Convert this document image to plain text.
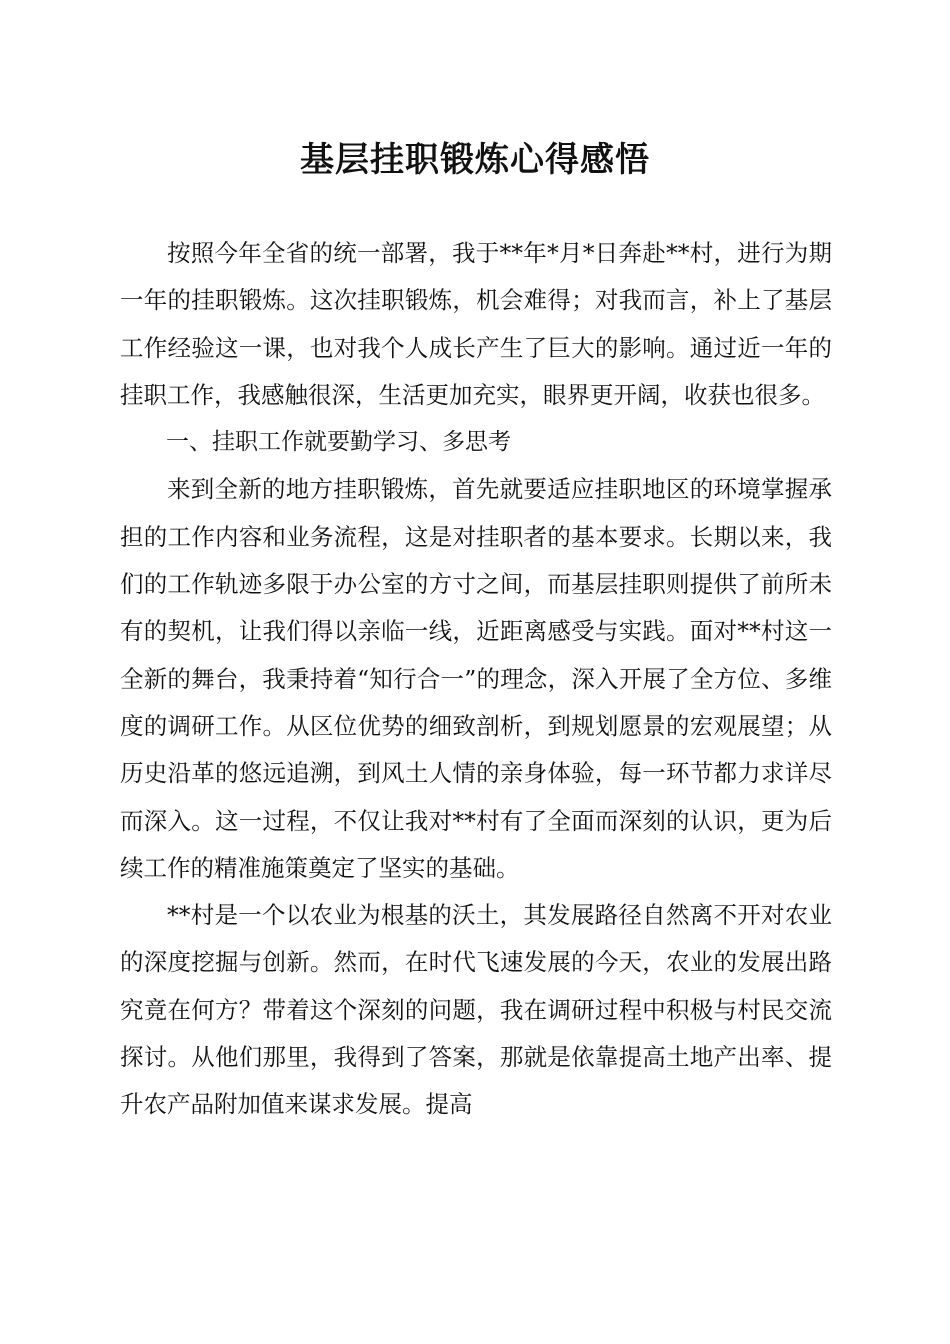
基层挂职锻炼心得感悟

按照今年全省的统一部署，我于**年*月*日奔赴**村，进行为期一年的挂职锻炼。这次挂职锻炼，机会难得；对我而言，补上了基层工作经验这一课，也对我个人成长产生了巨大的影响。通过近一年的挂职工作，我感触很深，生活更加充实，眼界更开阔，收获也很多。

一、挂职工作就要勤学习、多思考

来到全新的地方挂职锻炼，首先就要适应挂职地区的环境掌握承担的工作内容和业务流程，这是对挂职者的基本要求。长期以来，我们的工作轨迹多限于办公室的方寸之间，而基层挂职则提供了前所未有的契机，让我们得以亲临一线，近距离感受与实践。面对**村这一全新的舞台，我秉持着“知行合一”的理念，深入开展了全方位、多维度的调研工作。从区位优势的细致剖析，到规划愿景的宏观展望；从历史沿革的悠远追溯，到风土人情的亲身体验，每一环节都力求详尽而深入。这一过程，不仅让我对**村有了全面而深刻的认识，更为后续工作的精准施策奠定了坚实的基础。

**村是一个以农业为根基的沃土，其发展路径自然离不开对农业的深度挖掘与创新。然而，在时代飞速发展的今天，农业的发展出路究竟在何方？带着这个深刻的问题，我在调研过程中积极与村民交流探讨。从他们那里，我得到了答案，那就是依靠提高土地产出率、提升农产品附加值来谋求发展。提高
